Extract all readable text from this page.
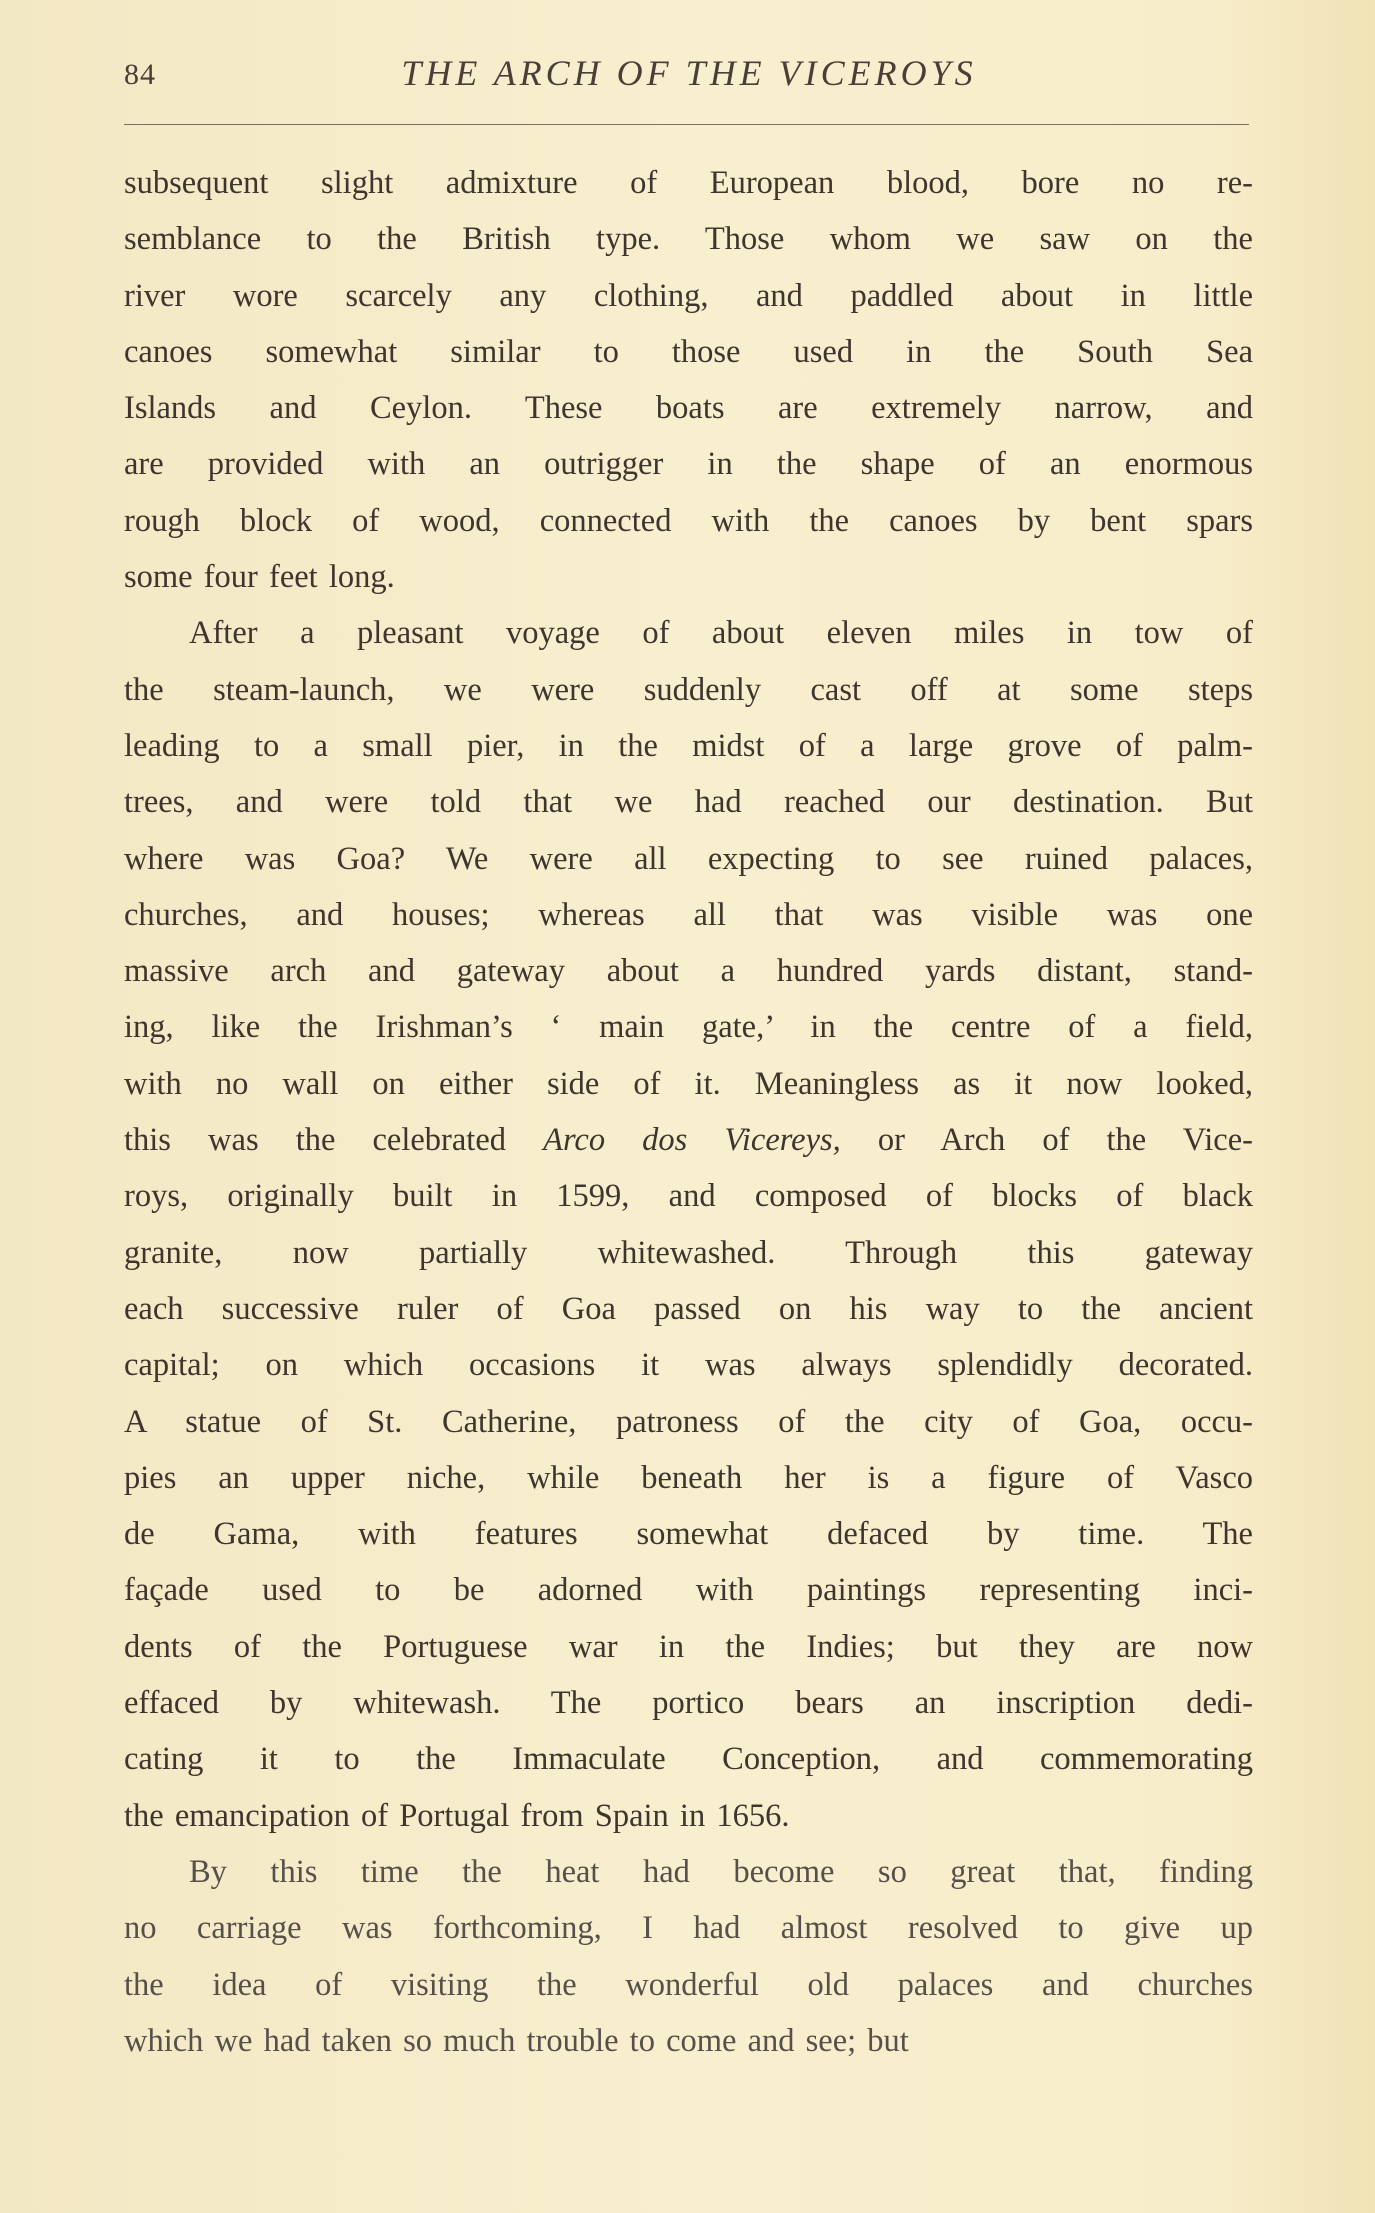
84	THE ARCH OF THE VICEROYS
subsequent slight admixture of European blood, bore no re-
semblance to the British type. Those whom we saw on the
river wore scarcely any clothing, and paddled about in little
canoes somewhat similar to those used in the South Sea
Islands and Ceylon. These boats are extremely narrow, and
are provided with an outrigger in the shape of an enormous
rough block of wood, connected with the canoes by bent spars
some four feet long.
After a pleasant voyage of about eleven miles in tow of
the steam-launch, we were suddenly cast off at some steps
leading to a small pier, in the midst of a large grove of palm-
trees, and were told that we had reached our destination. But
where was Goa? We were all expecting to see ruined palaces,
churches, and houses; whereas all that was visible was one
massive arch and gateway about a hundred yards distant, stand-
ing, like the Irishman’s ‘ main gate,’ in the centre of a field,
with no wall on either side of it. Meaningless as it now looked,
this was the celebrated Arco dos Vicereys, or Arch of the Vice-
roys, originally built in 1599, and composed of blocks of black
granite, now partially whitewashed. Through this gateway
each successive ruler of Goa passed on his way to the ancient
capital; on which occasions it was always splendidly decorated.
A statue of St. Catherine, patroness of the city of Goa, occu-
pies an upper niche, while beneath her is a figure of Vasco
de Gama, with features somewhat defaced by time. The
façade used to be adorned with paintings representing inci-
dents of the Portuguese war in the Indies; but they are now
effaced by whitewash. The portico bears an inscription dedi-
cating it to the Immaculate Conception, and commemorating
the emancipation of Portugal from Spain in 1656.
By this time the heat had become so great that, finding
no carriage was forthcoming, I had almost resolved to give up
the idea of visiting the wonderful old palaces and churches
which we had taken so much trouble to come and see; but
